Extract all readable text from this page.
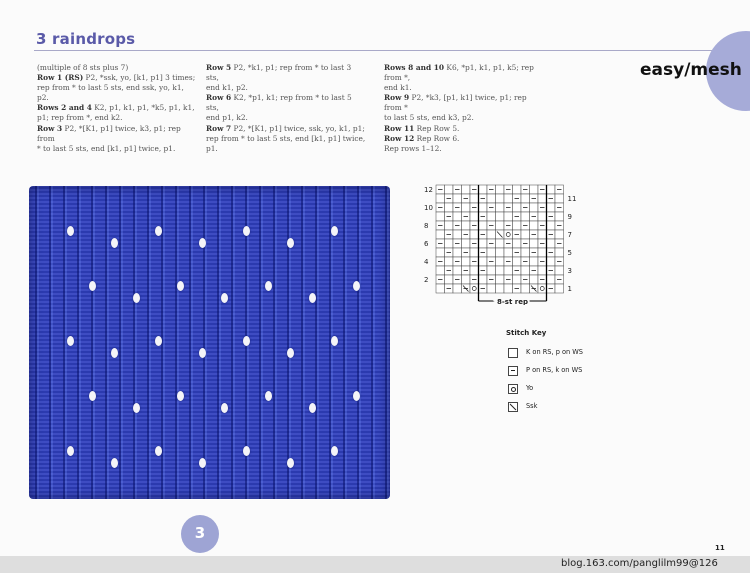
3 raindrops
easy/mesh
(multiple of 8 sts plus 7)
Row 1 (RS) P2, *ssk, yo, [k1, p1] 3 times;
rep from * to last 5 sts, end ssk, yo, k1, p2.
Rows 2 and 4 K2, p1, k1, p1, *k5, p1, k1,
p1; rep from *, end k2.
Row 3 P2, *[K1, p1] twice, k3, p1; rep from
* to last 5 sts, end [k1, p1] twice, p1.
Row 5 P2, *k1, p1; rep from * to last 3 sts,
end k1, p2.
Row 6 K2, *p1, k1; rep from * to last 5 sts,
end p1, k2.
Row 7 P2, *[K1, p1] twice, ssk, yo, k1, p1;
rep from * to last 5 sts, end [k1, p1] twice, p1.
Rows 8 and 10 K6, *p1, k1, p1, k5; rep from *,
end k1.
Row 9 P2, *k3, [p1, k1] twice, p1; rep from *
to last 5 sts, end k3, p2.
Row 11 Rep Row 5.
Row 12 Rep Row 6.
Rep rows 1–12.
12
10
8
6
4
2
11
9
7
5
3
1
8-st rep
Stitch Key
K on RS, p on WS
P on RS, k on WS
Yo
Ssk
3
11
blog.163.com/panglilm99@126
